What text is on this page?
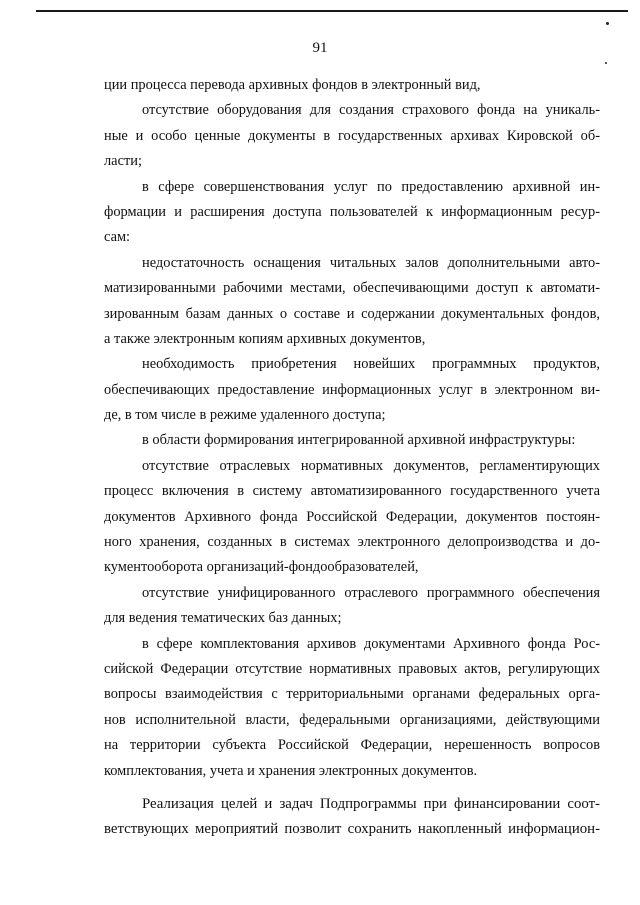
91
ции процесса перевода архивных фондов в электронный вид,
отсутствие оборудования для создания страхового фонда на уникаль-
ные и особо ценные документы в государственных архивах Кировской об-
ласти;
в сфере совершенствования услуг по предоставлению архивной ин-
формации и расширения доступа пользователей к информационным ресур-
сам:
недостаточность оснащения читальных залов дополнительными авто-
матизированными рабочими местами, обеспечивающими доступ к автомати-
зированным базам данных о составе и содержании документальных фондов,
а также электронным копиям архивных документов,
необходимость приобретения новейших программных продуктов,
обеспечивающих предоставление информационных услуг в электронном ви-
де, в том числе в режиме удаленного доступа;
в области формирования интегрированной архивной инфраструктуры:
отсутствие отраслевых нормативных документов, регламентирующих
процесс включения в систему автоматизированного государственного учета
документов Архивного фонда Российской Федерации, документов постоян-
ного хранения, созданных в системах электронного делопроизводства и до-
кументооборота организаций-фондообразователей,
отсутствие унифицированного отраслевого программного обеспечения
для ведения тематических баз данных;
в сфере комплектования архивов документами Архивного фонда Рос-
сийской Федерации отсутствие нормативных правовых актов, регулирующих
вопросы взаимодействия с территориальными органами федеральных орга-
нов исполнительной власти, федеральными организациями, действующими
на территории субъекта Российской Федерации, нерешенность вопросов
комплектования, учета и хранения электронных документов.
Реализация целей и задач Подпрограммы при финансировании соот-
ветствующих мероприятий позволит сохранить накопленный информацион-
